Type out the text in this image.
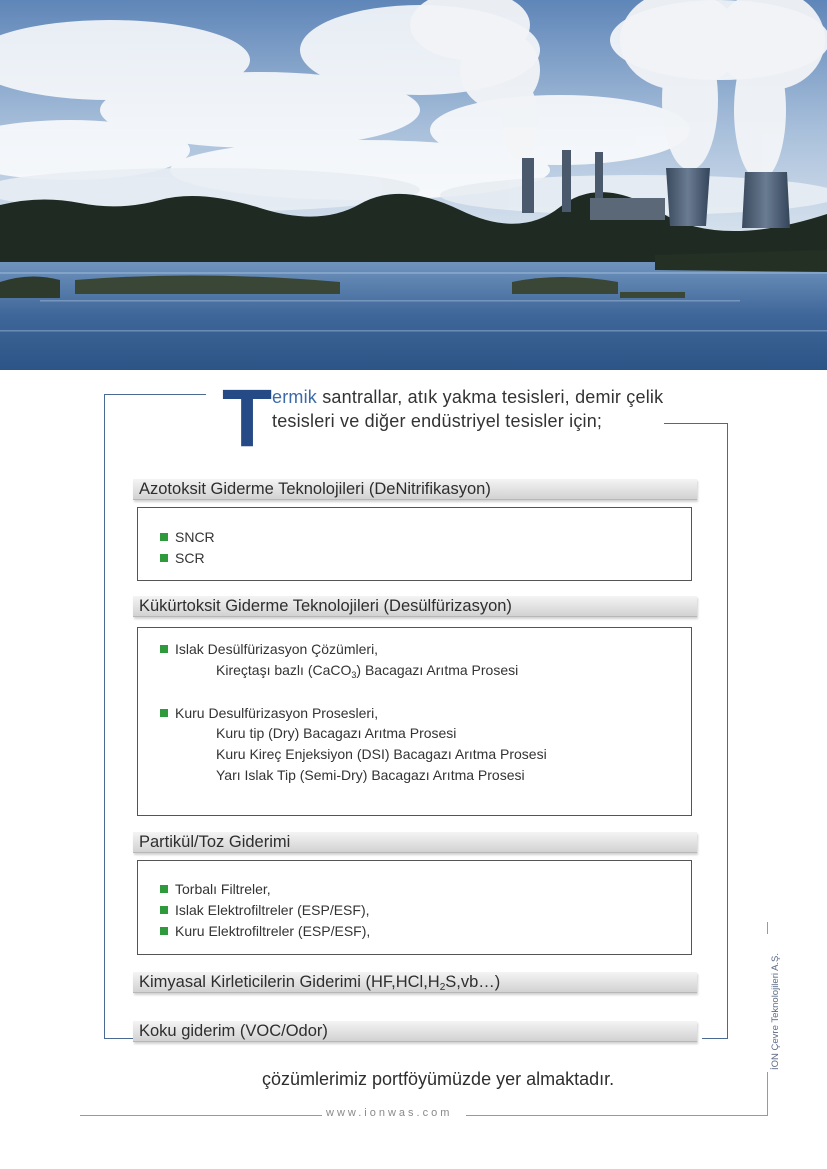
T ermik santrallar, atık yakma tesisleri, demir çelik
tesisleri ve diğer endüstriyel tesisler için;
Azotoksit Giderme Teknolojileri (DeNitrifikasyon)
SNCR
SCR
Kükürtoksit Giderme Teknolojileri (Desülfürizasyon)
Islak Desülfürizasyon Çözümleri,
Kireçtaşı bazlı (CaCO$_3$) Bacagazı Arıtma Prosesi
Kuru Desulfürizasyon Prosesleri,
Kuru tip (Dry) Bacagazı Arıtma Prosesi
Kuru Kireç Enjeksiyon (DSI) Bacagazı Arıtma Prosesi
Yarı Islak Tip (Semi-Dry) Bacagazı Arıtma Prosesi
Partikül/Toz Giderimi
Torbalı Filtreler,
Islak Elektrofiltreler (ESP/ESF),
Kuru Elektrofiltreler (ESP/ESF),
Kimyasal Kirleticilerin Giderimi $(HF,HCl,H_2S,vb\dots)$
Koku giderim (VOC/Odor)
çözümlerimiz portföyümüzde yer almaktadır.
www.ionwas.com
İON Çevre Teknolojileri A.Ş.
